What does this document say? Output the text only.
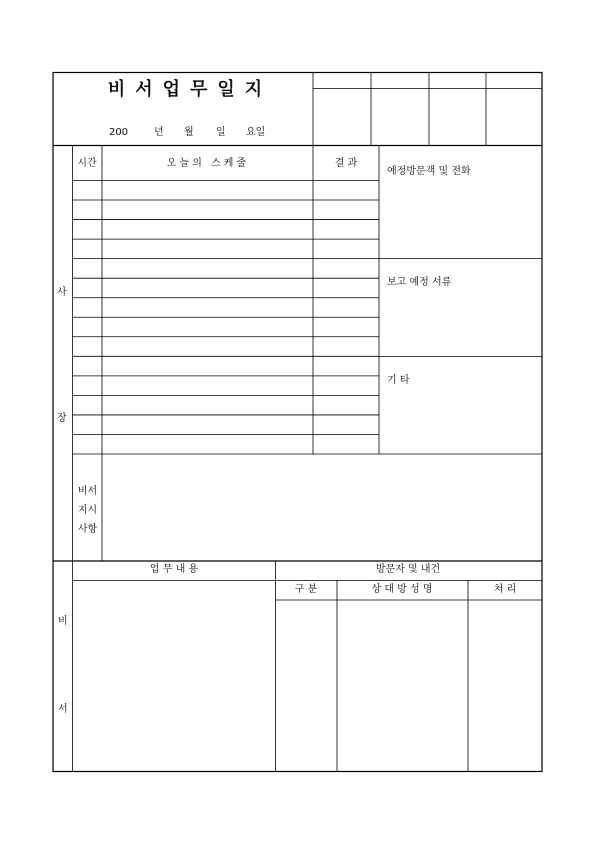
비서업무일지
200	년 월 일 요일
사
장
시간	오늘의 스케줄	결 과
예정방문객 및 전화
보고 예정 서류
기 타
비서
지시
사항
비
서
업 무 내 용	방문자 및 내건
구 분	상 대 방 성 명	처 리
